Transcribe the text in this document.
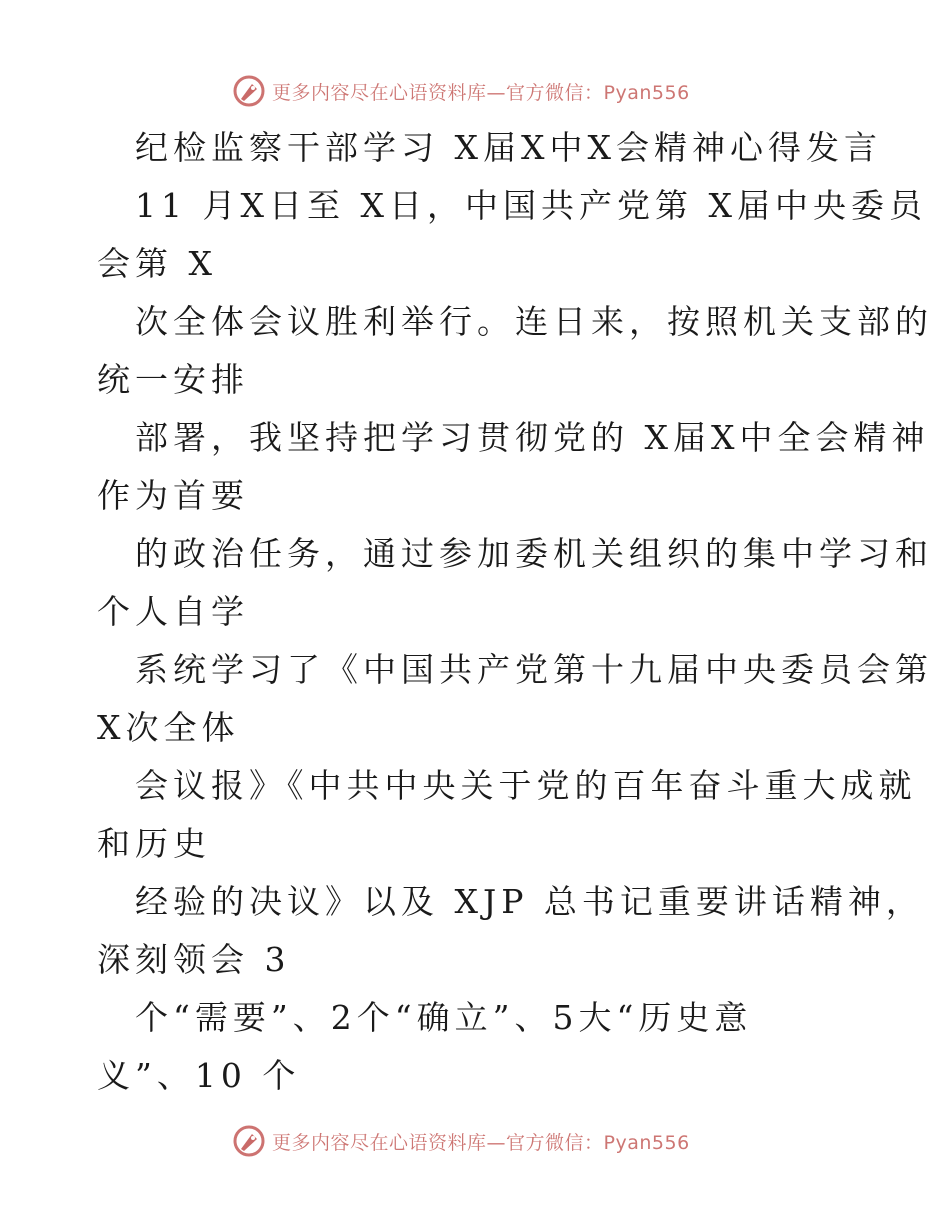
更多内容尽在心语资料库—官方微信：Pyan556
纪检监察干部学习 X届X中X会精神心得发言
11 月X日至 X日，中国共产党第 X届中央委员
会第 X
次全体会议胜利举行。连日来，按照机关支部的
统一安排
部署，我坚持把学习贯彻党的 X届X中全会精神
作为首要
的政治任务，通过参加委机关组织的集中学习和
个人自学
系统学习了《中国共产党第十九届中央委员会第
X次全体
会议报》《中共中央关于党的百年奋斗重大成就
和历史
经验的决议》以及 XJP 总书记重要讲话精神，
深刻领会 3
个“需要”、2个“确立”、5大“历史意
义”、10 个
更多内容尽在心语资料库—官方微信：Pyan556
